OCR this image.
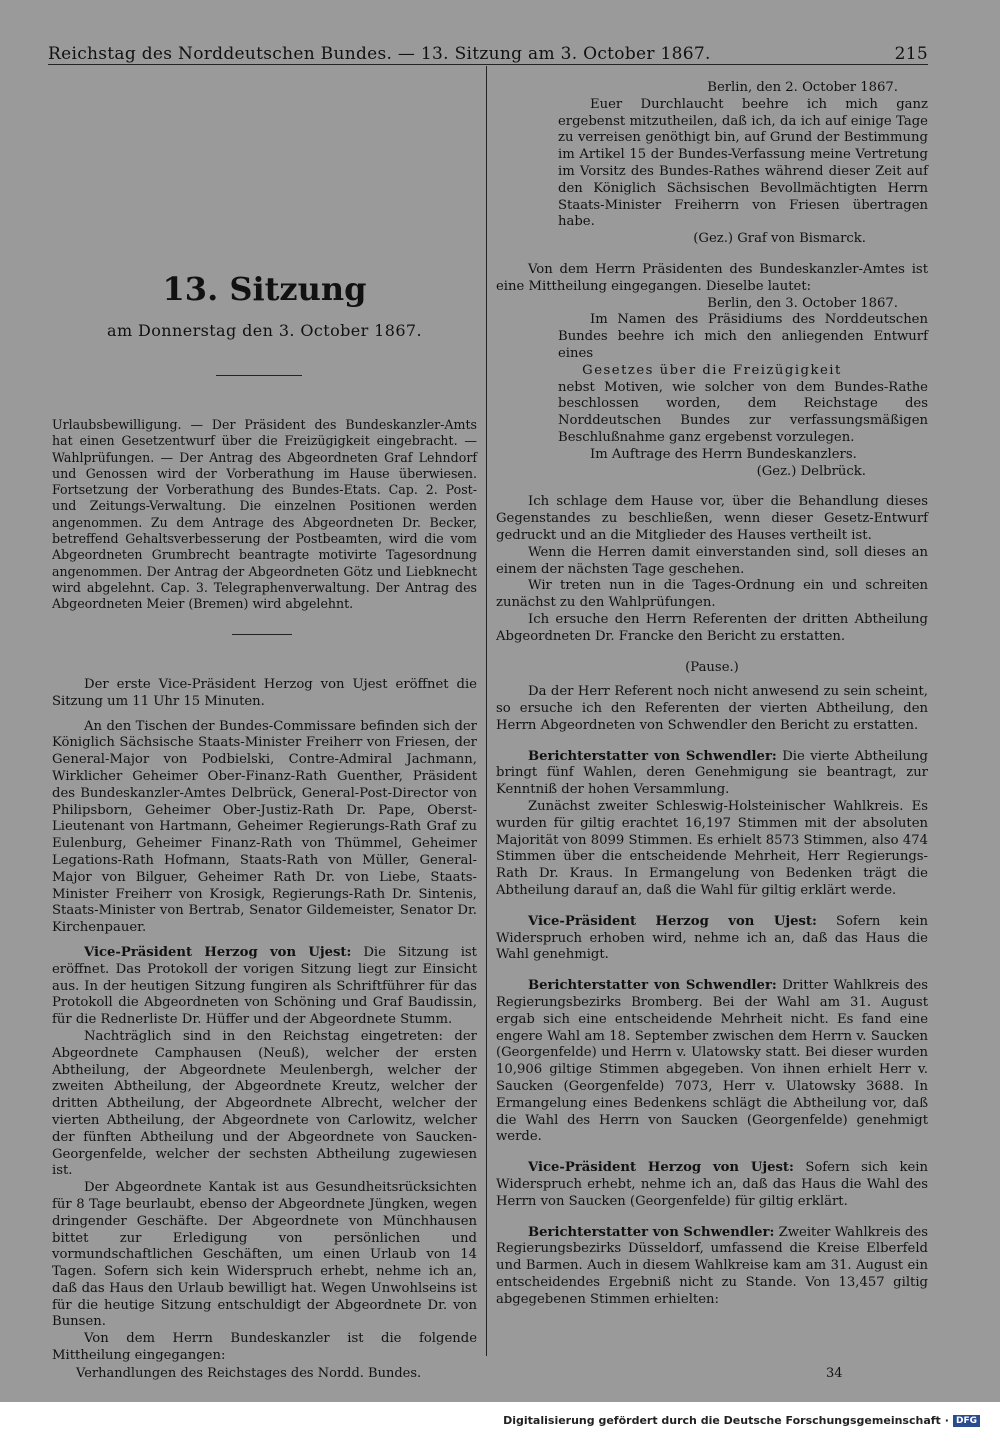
Reichstag des Norddeutschen Bundes. — 13. Sitzung am 3. October 1867.	215
13. Sitzung
am Donnerstag den 3. October 1867.

Urlaubsbewilligung. — Der Präsident des Bundeskanzler-Amts hat einen Gesetzentwurf über die Freizügigkeit eingebracht. — Wahlprüfungen. — Der Antrag des Abgeordneten Graf Lehndorf und Genossen wird der Vorberathung im Hause überwiesen. Fortsetzung der Vorberathung des Bundes-Etats. Cap. 2. Post- und Zeitungs-Verwaltung. Die einzelnen Positionen werden angenommen. Zu dem Antrage des Abgeordneten Dr. Becker, betreffend Gehaltsverbesserung der Postbeamten, wird die vom Abgeordneten Grumbrecht beantragte motivirte Tagesordnung angenommen. Der Antrag der Abgeordneten Götz und Liebknecht wird abgelehnt. Cap. 3. Telegraphenverwaltung. Der Antrag des Abgeordneten Meier (Bremen) wird abgelehnt.

Der erste Vice-Präsident Herzog von Ujest eröffnet die Sitzung um 11 Uhr 15 Minuten.

An den Tischen der Bundes-Commissare befinden sich der Königlich Sächsische Staats-Minister Freiherr von Friesen, der General-Major von Podbielski, Contre-Admiral Jachmann, Wirklicher Geheimer Ober-Finanz-Rath Guenther, Präsident des Bundeskanzler-Amtes Delbrück, General-Post-Director von Philipsborn, Geheimer Ober-Justiz-Rath Dr. Pape, Oberst-Lieutenant von Hartmann, Geheimer Regierungs-Rath Graf zu Eulenburg, Geheimer Finanz-Rath von Thümmel, Geheimer Legations-Rath Hofmann, Staats-Rath von Müller, General-Major von Bilguer, Geheimer Rath Dr. von Liebe, Staats-Minister Freiherr von Krosigk, Regierungs-Rath Dr. Sintenis, Staats-Minister von Bertrab, Senator Gildemeister, Senator Dr. Kirchenpauer.

Vice-Präsident Herzog von Ujest: Die Sitzung ist eröffnet. Das Protokoll der vorigen Sitzung liegt zur Einsicht aus. In der heutigen Sitzung fungiren als Schriftführer für das Protokoll die Abgeordneten von Schöning und Graf Baudissin, für die Rednerliste Dr. Hüffer und der Abgeordnete Stumm.

Nachträglich sind in den Reichstag eingetreten: der Abgeordnete Camphausen (Neuß), welcher der ersten Abtheilung, der Abgeordnete Meulenbergh, welcher der zweiten Abtheilung, der Abgeordnete Kreutz, welcher der dritten Abtheilung, der Abgeordnete Albrecht, welcher der vierten Abtheilung, der Abgeordnete von Carlowitz, welcher der fünften Abtheilung und der Abgeordnete von Saucken-Georgenfelde, welcher der sechsten Abtheilung zugewiesen ist.

Der Abgeordnete Kantak ist aus Gesundheitsrücksichten für 8 Tage beurlaubt, ebenso der Abgeordnete Jüngken, wegen dringender Geschäfte. Der Abgeordnete von Münchhausen bittet zur Erledigung von persönlichen und vormundschaftlichen Geschäften, um einen Urlaub von 14 Tagen. Sofern sich kein Widerspruch erhebt, nehme ich an, daß das Haus den Urlaub bewilligt hat. Wegen Unwohlseins ist für die heutige Sitzung entschuldigt der Abgeordnete Dr. von Bunsen.

Von dem Herrn Bundeskanzler ist die folgende Mittheilung eingegangen:

Berlin, den 2. October 1867.

Euer Durchlaucht beehre ich mich ganz ergebenst mitzutheilen, daß ich, da ich auf einige Tage zu verreisen genöthigt bin, auf Grund der Bestimmung im Artikel 15 der Bundes-Verfassung meine Vertretung im Vorsitz des Bundes-Rathes während dieser Zeit auf den Königlich Sächsischen Bevollmächtigten Herrn Staats-Minister Freiherrn von Friesen übertragen habe.

(Gez.) Graf von Bismarck.

Von dem Herrn Präsidenten des Bundeskanzler-Amtes ist eine Mittheilung eingegangen. Dieselbe lautet:

Berlin, den 3. October 1867.

Im Namen des Präsidiums des Norddeutschen Bundes beehre ich mich den anliegenden Entwurf eines

Gesetzes über die Freizügigkeit

nebst Motiven, wie solcher von dem Bundes-Rathe beschlossen worden, dem Reichstage des Norddeutschen Bundes zur verfassungsmäßigen Beschlußnahme ganz ergebenst vorzulegen.

Im Auftrage des Herrn Bundeskanzlers.

(Gez.) Delbrück.

Ich schlage dem Hause vor, über die Behandlung dieses Gegenstandes zu beschließen, wenn dieser Gesetz-Entwurf gedruckt und an die Mitglieder des Hauses vertheilt ist.

Wenn die Herren damit einverstanden sind, soll dieses an einem der nächsten Tage geschehen.

Wir treten nun in die Tages-Ordnung ein und schreiten zunächst zu den Wahlprüfungen.

Ich ersuche den Herrn Referenten der dritten Abtheilung Abgeordneten Dr. Francke den Bericht zu erstatten.

(Pause.)

Da der Herr Referent noch nicht anwesend zu sein scheint, so ersuche ich den Referenten der vierten Abtheilung, den Herrn Abgeordneten von Schwendler den Bericht zu erstatten.

Berichterstatter von Schwendler: Die vierte Abtheilung bringt fünf Wahlen, deren Genehmigung sie beantragt, zur Kenntniß der hohen Versammlung.

Zunächst zweiter Schleswig-Holsteinischer Wahlkreis. Es wurden für giltig erachtet 16,197 Stimmen mit der absoluten Majorität von 8099 Stimmen. Es erhielt 8573 Stimmen, also 474 Stimmen über die entscheidende Mehrheit, Herr Regierungs-Rath Dr. Kraus. In Ermangelung von Bedenken trägt die Abtheilung darauf an, daß die Wahl für giltig erklärt werde.

Vice-Präsident Herzog von Ujest: Sofern kein Widerspruch erhoben wird, nehme ich an, daß das Haus die Wahl genehmigt.

Berichterstatter von Schwendler: Dritter Wahlkreis des Regierungsbezirks Bromberg. Bei der Wahl am 31. August ergab sich eine entscheidende Mehrheit nicht. Es fand eine engere Wahl am 18. September zwischen dem Herrn v. Saucken (Georgenfelde) und Herrn v. Ulatowsky statt. Bei dieser wurden 10,906 giltige Stimmen abgegeben. Von ihnen erhielt Herr v. Saucken (Georgenfelde) 7073, Herr v. Ulatowsky 3688. In Ermangelung eines Bedenkens schlägt die Abtheilung vor, daß die Wahl des Herrn von Saucken (Georgenfelde) genehmigt werde.

Vice-Präsident Herzog von Ujest: Sofern sich kein Widerspruch erhebt, nehme ich an, daß das Haus die Wahl des Herrn von Saucken (Georgenfelde) für giltig erklärt.

Berichterstatter von Schwendler: Zweiter Wahlkreis des Regierungsbezirks Düsseldorf, umfassend die Kreise Elberfeld und Barmen. Auch in diesem Wahlkreise kam am 31. August ein entscheidendes Ergebniß nicht zu Stande. Von 13,457 giltig abgegebenen Stimmen erhielten:

Verhandlungen des Reichstages des Nordd. Bundes.	34
Digitalisierung gefördert durch die Deutsche Forschungsgemeinschaft · DFG
